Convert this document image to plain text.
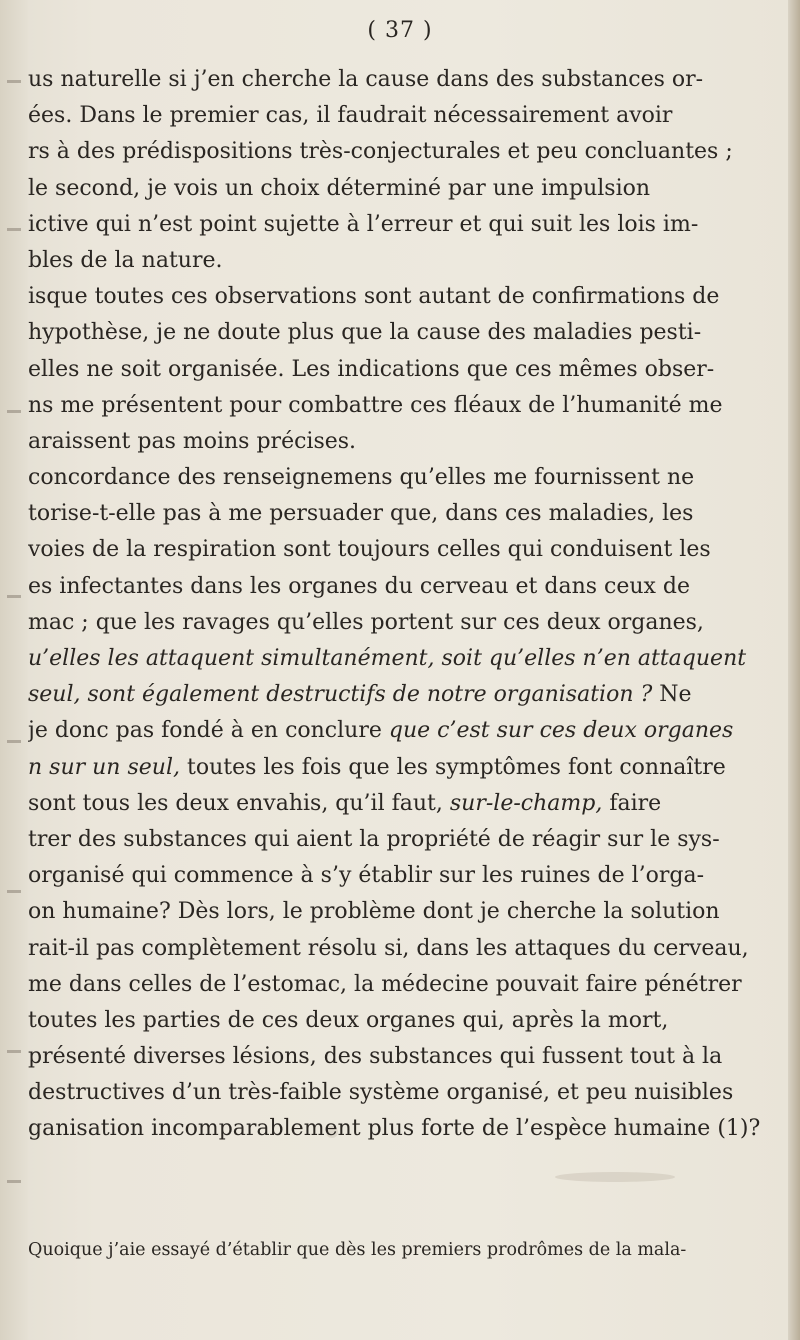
( 37 )
us naturelle si j’en cherche la cause dans des substances or-
ées. Dans le premier cas, il faudrait nécessairement avoir
rs à des prédispositions très-conjecturales et peu concluantes ;
le second, je vois un choix déterminé par une impulsion
ictive qui n’est point sujette à l’erreur et qui suit les lois im-
bles de la nature.
isque toutes ces observations sont autant de confirmations de
hypothèse, je ne doute plus que la cause des maladies pesti-
elles ne soit organisée. Les indications que ces mêmes obser-
ns me présentent pour combattre ces fléaux de l’humanité me
araissent pas moins précises.
concordance des renseignemens qu’elles me fournissent ne
torise-t-elle pas à me persuader que, dans ces maladies, les
voies de la respiration sont toujours celles qui conduisent les
es infectantes dans les organes du cerveau et dans ceux de
mac ; que les ravages qu’elles portent sur ces deux organes,
u’elles les attaquent simultanément, soit qu’elles n’en attaquent
seul, sont également destructifs de notre organisation ? Ne
je donc pas fondé à en conclure que c’est sur ces deux organes
n sur un seul, toutes les fois que les symptômes font connaître
sont tous les deux envahis, qu’il faut, sur-le-champ, faire
trer des substances qui aient la propriété de réagir sur le sys-
organisé qui commence à s’y établir sur les ruines de l’orga-
on humaine? Dès lors, le problème dont je cherche la solution
rait-il pas complètement résolu si, dans les attaques du cerveau,
me dans celles de l’estomac, la médecine pouvait faire pénétrer
toutes les parties de ces deux organes qui, après la mort,
présenté diverses lésions, des substances qui fussent tout à la
destructives d’un très-faible système organisé, et peu nuisibles
ganisation incomparablement plus forte de l’espèce humaine (1)?
Quoique j’aie essayé d’établir que dès les premiers prodrômes de la mala-
